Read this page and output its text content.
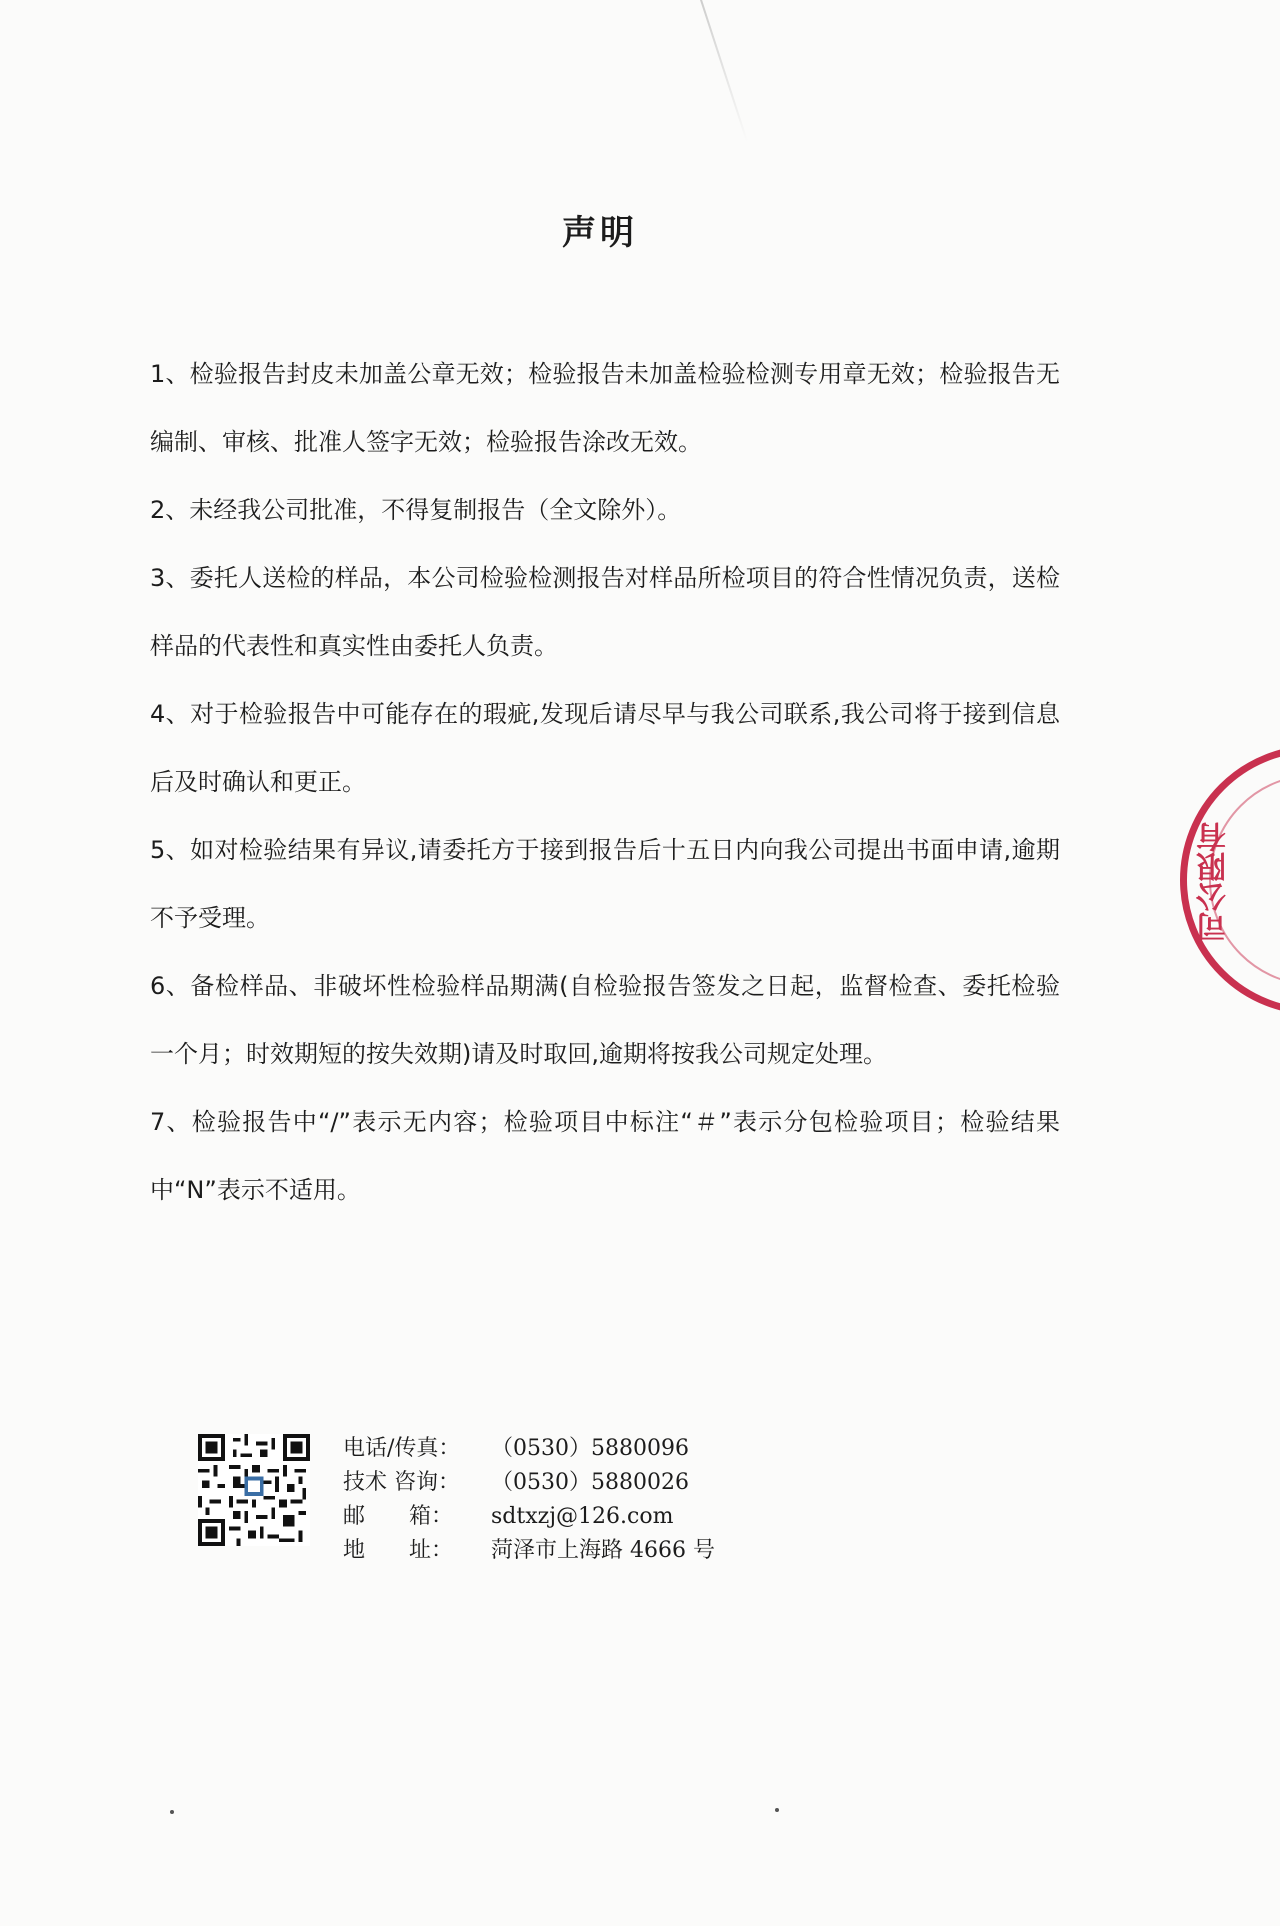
声明

1、检验报告封皮未加盖公章无效；检验报告未加盖检验检测专用章无效；检验报告无编制、审核、批准人签字无效；检验报告涂改无效。

2、未经我公司批准，不得复制报告（全文除外）。

3、委托人送检的样品，本公司检验检测报告对样品所检项目的符合性情况负责，送检样品的代表性和真实性由委托人负责。

4、对于检验报告中可能存在的瑕疵,发现后请尽早与我公司联系,我公司将于接到信息后及时确认和更正。

5、如对检验结果有异议,请委托方于接到报告后十五日内向我公司提出书面申请,逾期不予受理。

6、备检样品、非破坏性检验样品期满(自检验报告签发之日起，监督检查、委托检验一个月；时效期短的按失效期)请及时取回,逾期将按我公司规定处理。

7、检验报告中“/”表示无内容；检验项目中标注“＃”表示分包检验项目；检验结果中“N”表示不适用。

司公限有
电话/传真： （0530）5880096
技术 咨询： （0530）5880026
邮　　箱： sdtxzj@126.com
地　　址： 菏泽市上海路 4666 号
